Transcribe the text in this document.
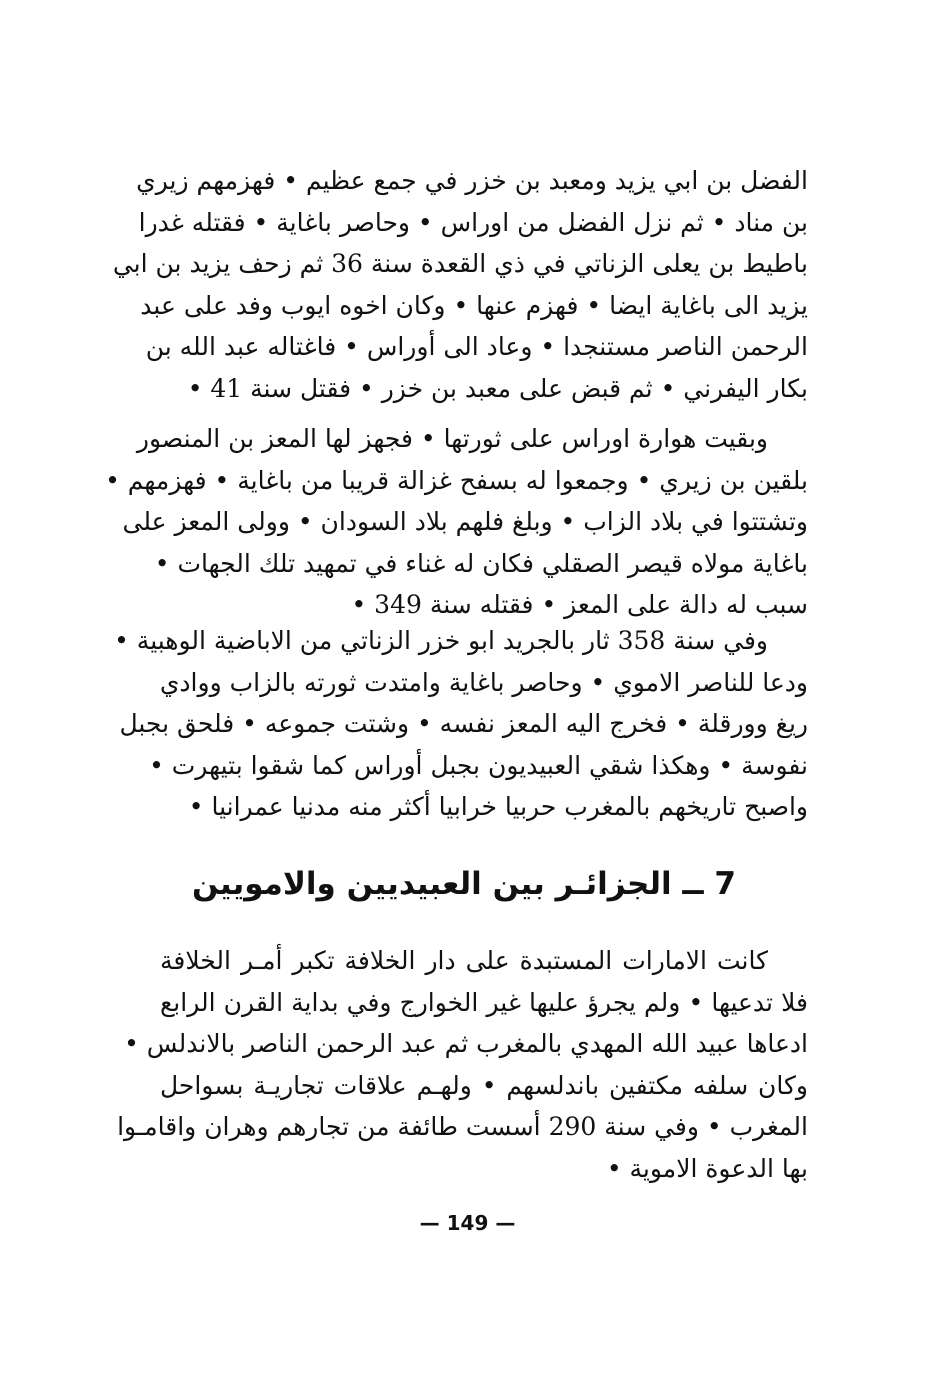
الفضل بن ابي يزيد ومعبد بن خزر في جمع عظيم • فهزمهم زيري
بن مناد • ثم نزل الفضل من اوراس • وحاصر باغاية • فقتله غدرا
باطيط بن يعلى الزناتي في ذي القعدة سنة 36 ثم زحف يزيد بن ابي
يزيد الى باغاية ايضا • فهزم عنها • وكان اخوه ايوب وفد على عبد
الرحمن الناصر مستنجدا • وعاد الى أوراس • فاغتاله عبد الله بن
بكار اليفرني • ثم قبض على معبد بن خزر • فقتل سنة 41 •
وبقيت هوارة اوراس على ثورتها • فجهز لها المعز بن المنصور
بلقين بن زيري • وجمعوا له بسفح غزالة قريبا من باغاية • فهزمهم •
وتشتتوا في بلاد الزاب • وبلغ فلهم بلاد السودان • وولى المعز على
باغاية مولاه قيصر الصقلي فكان له غناء في تمهيد تلك الجهات •
سبب له دالة على المعز • فقتله سنة 349 •
وفي سنة 358 ثار بالجريد ابو خزر الزناتي من الاباضية الوهبية •
ودعا للناصر الاموي • وحاصر باغاية وامتدت ثورته بالزاب ووادي
ريغ وورقلة • فخرج اليه المعز نفسه • وشتت جموعه • فلحق بجبل
نفوسة • وهكذا شقي العبيديون بجبل أوراس كما شقوا بتيهرت •
واصبح تاريخهم بالمغرب حربيا خرابيا أكثر منه مدنيا عمرانيا •
7 ــ الجزائـر بين العبيديين والامويين
كانت الامارات المستبدة على دار الخلافة تكبر أمـر الخلافة
فلا تدعيها • ولم يجرؤ عليها غير الخوارج وفي بداية القرن الرابع
ادعاها عبيد الله المهدي بالمغرب ثم عبد الرحمن الناصر بالاندلس •
وكان سلفه مكتفين باندلسهم • ولهـم علاقات تجاريـة بسواحل
المغرب • وفي سنة 290 أسست طائفة من تجارهم وهران واقامـوا
بها الدعوة الاموية •
— 149 —
